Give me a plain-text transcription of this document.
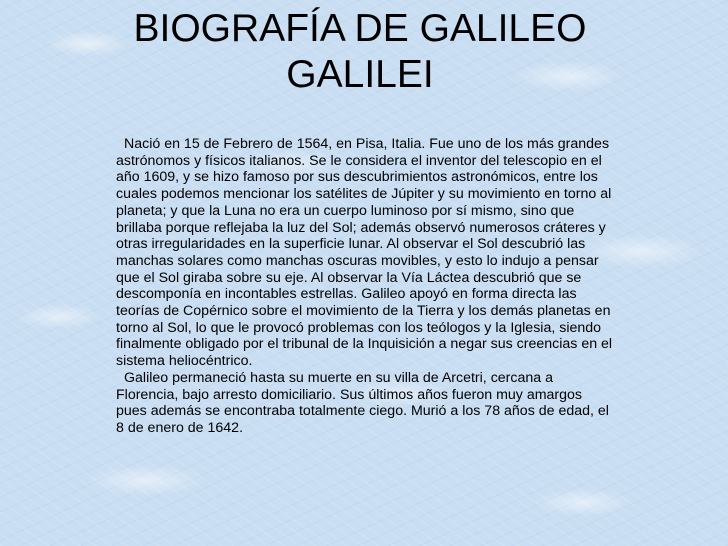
BIOGRAFÍA DE GALILEO
GALILEI

Nació en 15 de Febrero de 1564, en Pisa, Italia. Fue uno de los más grandes astrónomos y físicos italianos. Se le considera el inventor del telescopio en el año 1609, y se hizo famoso por sus descubrimientos astronómicos, entre los cuales podemos mencionar los satélites de Júpiter y su movimiento en torno al planeta; y que la Luna no era un cuerpo luminoso por sí mismo, sino que brillaba porque reflejaba la luz del Sol; además observó numerosos cráteres y otras irregularidades en la superficie lunar. Al observar el Sol descubrió las manchas solares como manchas oscuras movibles, y esto lo indujo a pensar que el Sol giraba sobre su eje. Al observar la Vía Láctea descubrió que se descomponía en incontables estrellas. Galileo apoyó en forma directa las teorías de Copérnico sobre el movimiento de la Tierra y los demás planetas en torno al Sol, lo que le provocó problemas con los teólogos y la Iglesia, siendo finalmente obligado por el tribunal de la Inquisición a negar sus creencias en el sistema heliocéntrico.

Galileo permaneció hasta su muerte en su villa de Arcetri, cercana a Florencia, bajo arresto domiciliario. Sus últimos años fueron muy amargos pues además se encontraba totalmente ciego. Murió a los 78 años de edad, el 8 de enero de 1642.
